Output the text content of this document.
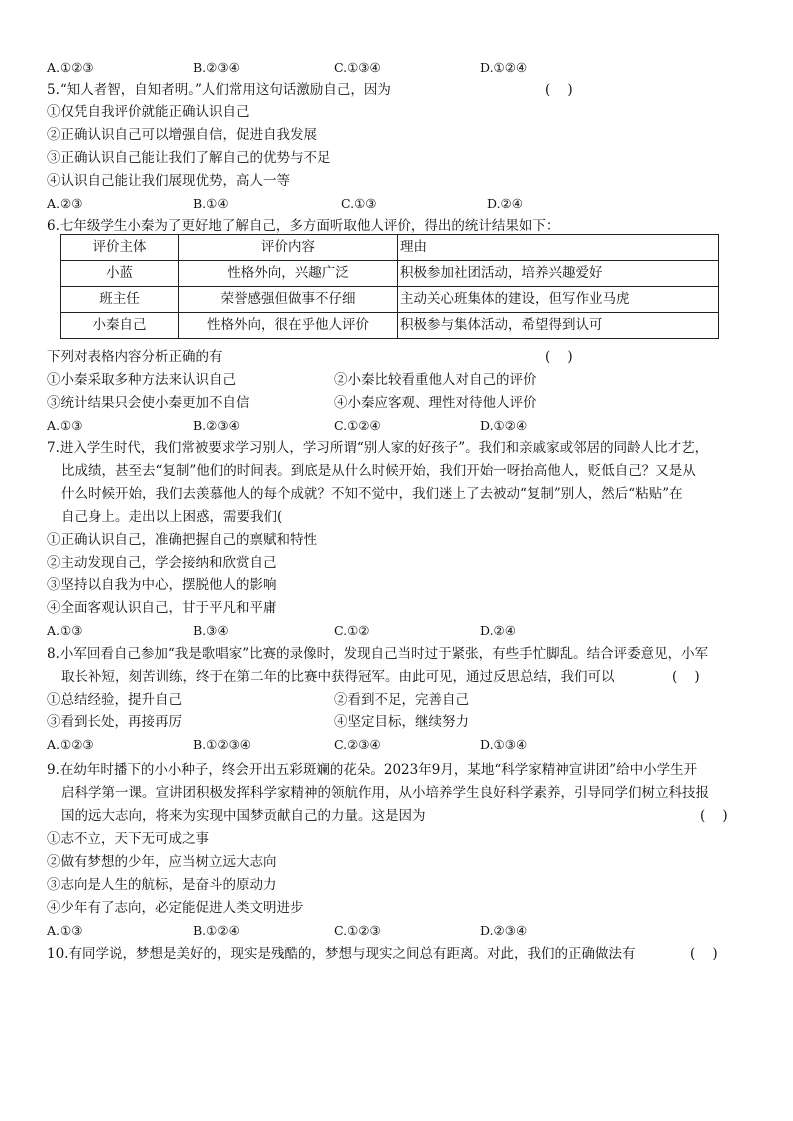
A.①②③	B.②③④	C.①③④	D.①②④
5.“知人者智，自知者明。”人们常用这句话激励自己，因为	(    )
①仅凭自我评价就能正确认识自己
②正确认识自己可以增强自信，促进自我发展
③正确认识自己能让我们了解自己的优势与不足
④认识自己能让我们展现优势，高人一等
A.②③	B.①④	C.①③	D.②④
6.七年级学生小秦为了更好地了解自己，多方面听取他人评价，得出的统计结果如下：
评价主体	评价内容	理由
小蓝	性格外向，兴趣广泛	积极参加社团活动，培养兴趣爱好
班主任	荣誉感强但做事不仔细	主动关心班集体的建设，但写作业马虎
小秦自己	性格外向，很在乎他人评价	积极参与集体活动，希望得到认可
下列对表格内容分析正确的有	(    )
①小秦采取多种方法来认识自己	②小秦比较看重他人对自己的评价
③统计结果只会使小秦更加不自信	④小秦应客观、理性对待他人评价
A.①③	B.②③④	C.①②④	D.①②④
7.进入学生时代，我们常被要求学习别人，学习所谓“别人家的好孩子”。我们和亲戚家或邻居的同龄人比才艺，
比成绩，甚至去“复制”他们的时间表。到底是从什么时候开始，我们开始一呀抬高他人，贬低自己？又是从
什么时候开始，我们去羡慕他人的每个成就？不知不觉中，我们迷上了去被动“复制”别人，然后“粘贴”在
自己身上。走出以上困惑，需要我们(
①正确认识自己，准确把握自己的禀赋和特性
②主动发现自己，学会接纳和欣赏自己
③坚持以自我为中心，摆脱他人的影响
④全面客观认识自己，甘于平凡和平庸
A.①③	B.③④	C.①②	D.②④
8.小军回看自己参加“我是歌唱家”比赛的录像时，发现自己当时过于紧张，有些手忙脚乱。结合评委意见，小军
取长补短，刻苦训练，终于在第二年的比赛中获得冠军。由此可见，通过反思总结，我们可以	(    )
①总结经验，提升自己	②看到不足，完善自己
③看到长处，再接再厉	④坚定目标，继续努力
A.①②③	B.①②③④	C.②③④	D.①③④
9.在幼年时播下的小小种子，终会开出五彩斑斓的花朵。2023年9月，某地“科学家精神宣讲团”给中小学生开
启科学第一课。宣讲团积极发挥科学家精神的领航作用，从小培养学生良好科学素养，引导同学们树立科技报
国的远大志向，将来为实现中国梦贡献自己的力量。这是因为	(    )
①志不立，天下无可成之事
②做有梦想的少年，应当树立远大志向
③志向是人生的航标，是奋斗的原动力
④少年有了志向，必定能促进人类文明进步
A.①③	B.①②④	C.①②③	D.②③④
10.有同学说，梦想是美好的，现实是残酷的，梦想与现实之间总有距离。对此，我们的正确做法有	(    )
